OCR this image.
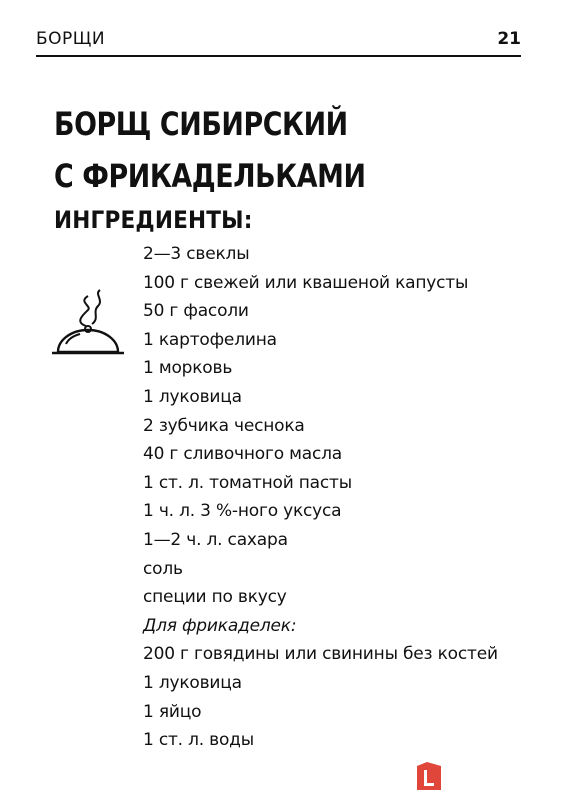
БОРЩИ	21
БОРЩ СИБИРСКИЙ
С ФРИКАДЕЛЬКАМИ
ИНГРЕДИЕНТЫ:
2—3 свеклы
100 г свежей или квашеной капусты
50 г фасоли
1 картофелина
1 морковь
1 луковица
2 зубчика чеснока
40 г сливочного масла
1 ст. л. томатной пасты
1 ч. л. 3 %-ного уксуса
1—2 ч. л. сахара
соль
специи по вкусу
Для фрикаделек:
200 г говядины или свинины без костей
1 луковица
1 яйцо
1 ст. л. воды
